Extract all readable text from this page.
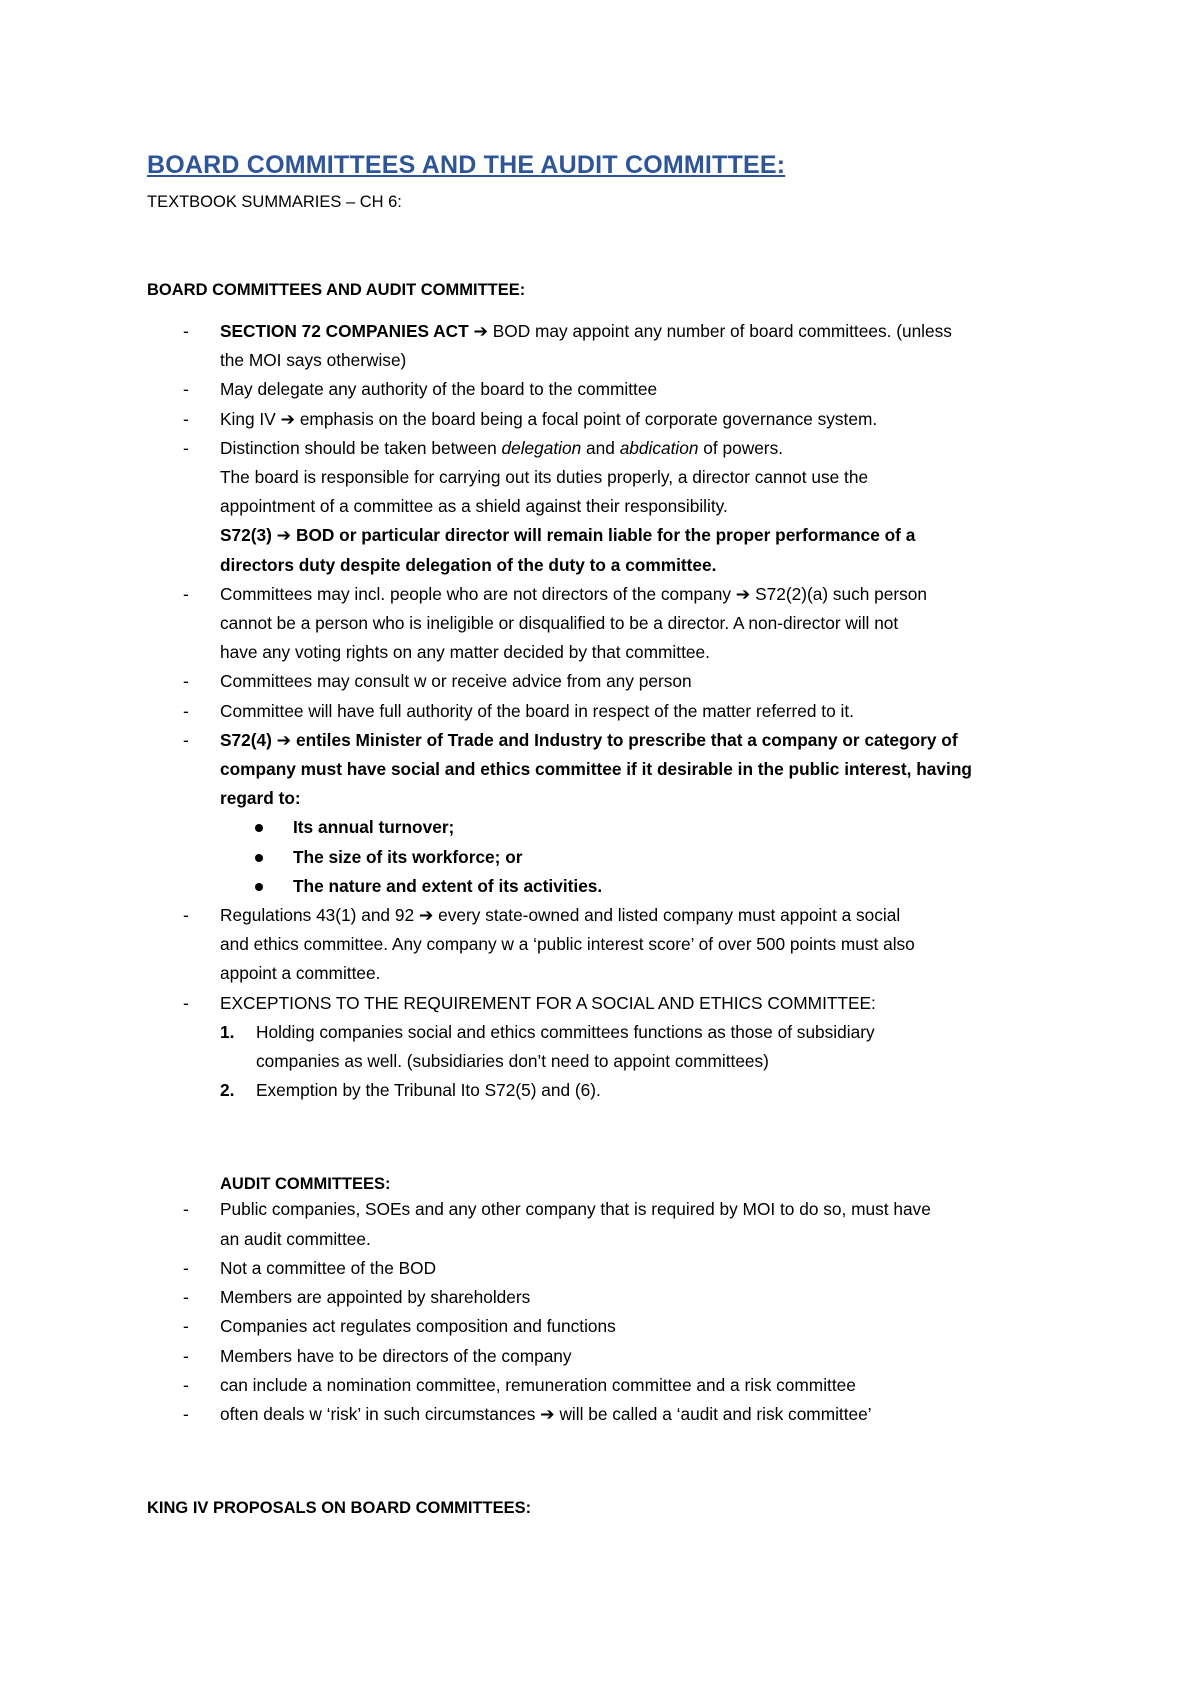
BOARD COMMITTEES AND THE AUDIT COMMITTEE:
TEXTBOOK SUMMARIES – CH 6:
BOARD COMMITTEES AND AUDIT COMMITTEE:
- SECTION 72 COMPANIES ACT ➔ BOD may appoint any number of board committees. (unless
the MOI says otherwise)
- May delegate any authority of the board to the committee
- King IV ➔ emphasis on the board being a focal point of corporate governance system.
- Distinction should be taken between delegation and abdication of powers.
The board is responsible for carrying out its duties properly, a director cannot use the
appointment of a committee as a shield against their responsibility.
S72(3) ➔ BOD or particular director will remain liable for the proper performance of a
directors duty despite delegation of the duty to a committee.
- Committees may incl. people who are not directors of the company ➔ S72(2)(a) such person
cannot be a person who is ineligible or disqualified to be a director. A non-director will not
have any voting rights on any matter decided by that committee.
- Committees may consult w or receive advice from any person
- Committee will have full authority of the board in respect of the matter referred to it.
- S72(4) ➔ entiles Minister of Trade and Industry to prescribe that a company or category of
company must have social and ethics committee if it desirable in the public interest, having
regard to:
Its annual turnover;
The size of its workforce; or
The nature and extent of its activities.
- Regulations 43(1) and 92 ➔ every state-owned and listed company must appoint a social
and ethics committee. Any company w a ‘public interest score’ of over 500 points must also
appoint a committee.
- EXCEPTIONS TO THE REQUIREMENT FOR A SOCIAL AND ETHICS COMMITTEE:
1. Holding companies social and ethics committees functions as those of subsidiary
companies as well. (subsidiaries don’t need to appoint committees)
2. Exemption by the Tribunal Ito S72(5) and (6).
AUDIT COMMITTEES:
- Public companies, SOEs and any other company that is required by MOI to do so, must have
an audit committee.
- Not a committee of the BOD
- Members are appointed by shareholders
- Companies act regulates composition and functions
- Members have to be directors of the company
- can include a nomination committee, remuneration committee and a risk committee
- often deals w ‘risk’ in such circumstances ➔ will be called a ‘audit and risk committee’
KING IV PROPOSALS ON BOARD COMMITTEES:
